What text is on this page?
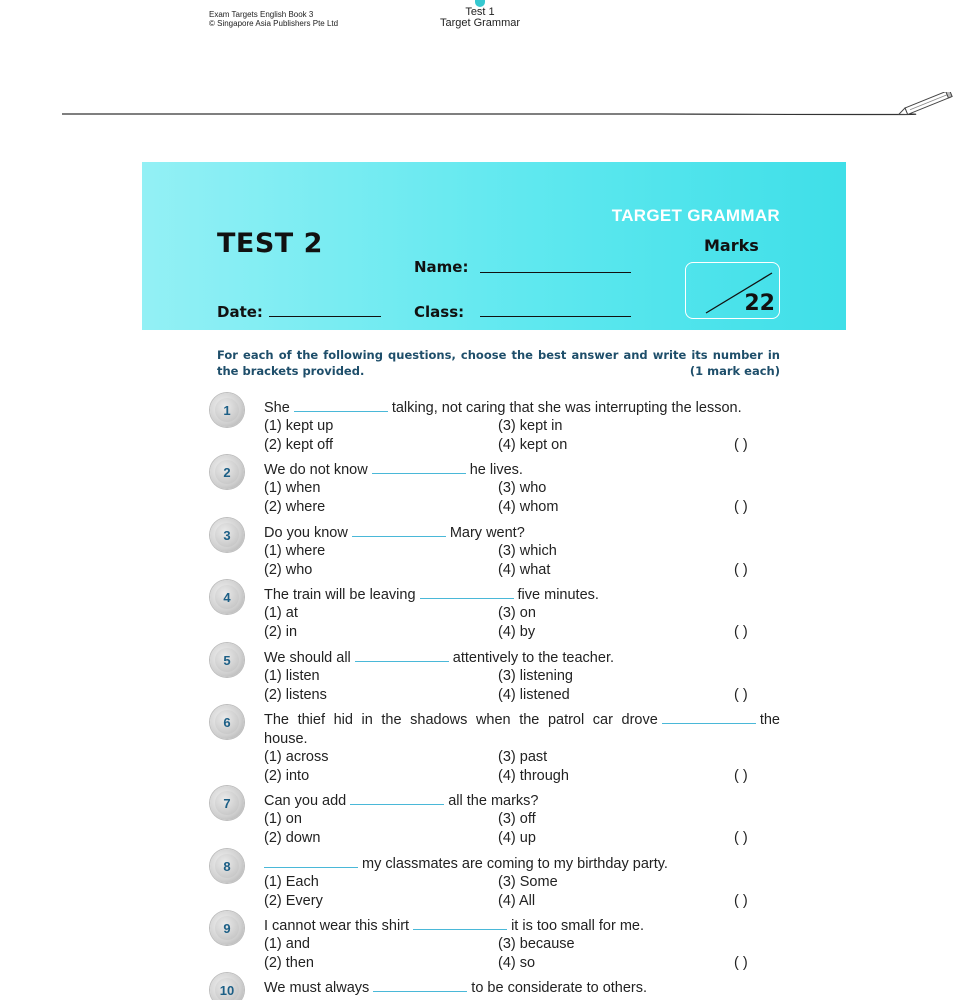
Exam Targets English Book 3
© Singapore Asia Publishers Pte Ltd
Test 1
Target Grammar
TARGET GRAMMAR
TEST 2
Name:
Date:	Class:
Marks
22
For each of the following questions, choose the best answer and write its number in the brackets provided.	(1 mark each)
1	She	talking, not caring that she was interrupting the lesson.
(1) kept up
(2) kept off
(3) kept in
(4) kept on	( )
2	We do not know	he lives.
(1) when
(2) where
(3) who
(4) whom	( )
3	Do you know	Mary went?
(1) where
(2) who
(3) which
(4) what	( )
4	The train will be leaving	five minutes.
(1) at
(2) in
(3) on
(4) by	( )
5	We should all	attentively to the teacher.
(1) listen
(2) listens
(3) listening
(4) listened	( )
6	The thief hid in the shadows when the patrol car drove	the house.
(1) across
(2) into
(3) past
(4) through	( )
7	Can you add	all the marks?
(1) on
(2) down
(3) off
(4) up	( )
8	my classmates are coming to my birthday party.
(1) Each
(2) Every
(3) Some
(4) All	( )
9	I cannot wear this shirt	it is too small for me.
(1) and
(2) then
(3) because
(4) so	( )
10	We must always	to be considerate to others.
